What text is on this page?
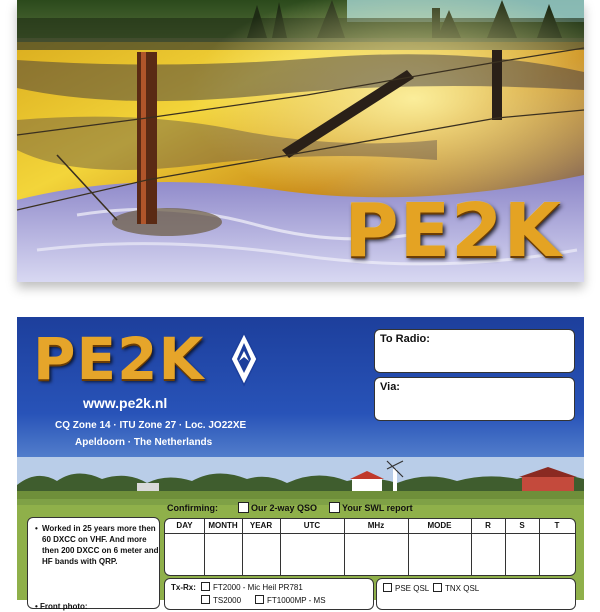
PE2K
PE2K
www.pe2k.nl
CQ Zone 14 · ITU Zone 27 · Loc. JO22XE
Apeldoorn · The Netherlands
To Radio:
Via:
Confirming:	Our 2-way QSO	Your SWL report
• Worked in 25 years more then 60 DXCC on VHF. And more then 200 DXCC on 6 meter and HF bands with QRP.
• Front photo:
DAY	MONTH	YEAR	UTC	MHz	MODE	R	S	T
Tx-Rx:	FT2000 - Mic Heil PR781
TS2000	FT1000MP - MS
PSE QSL	TNX QSL
